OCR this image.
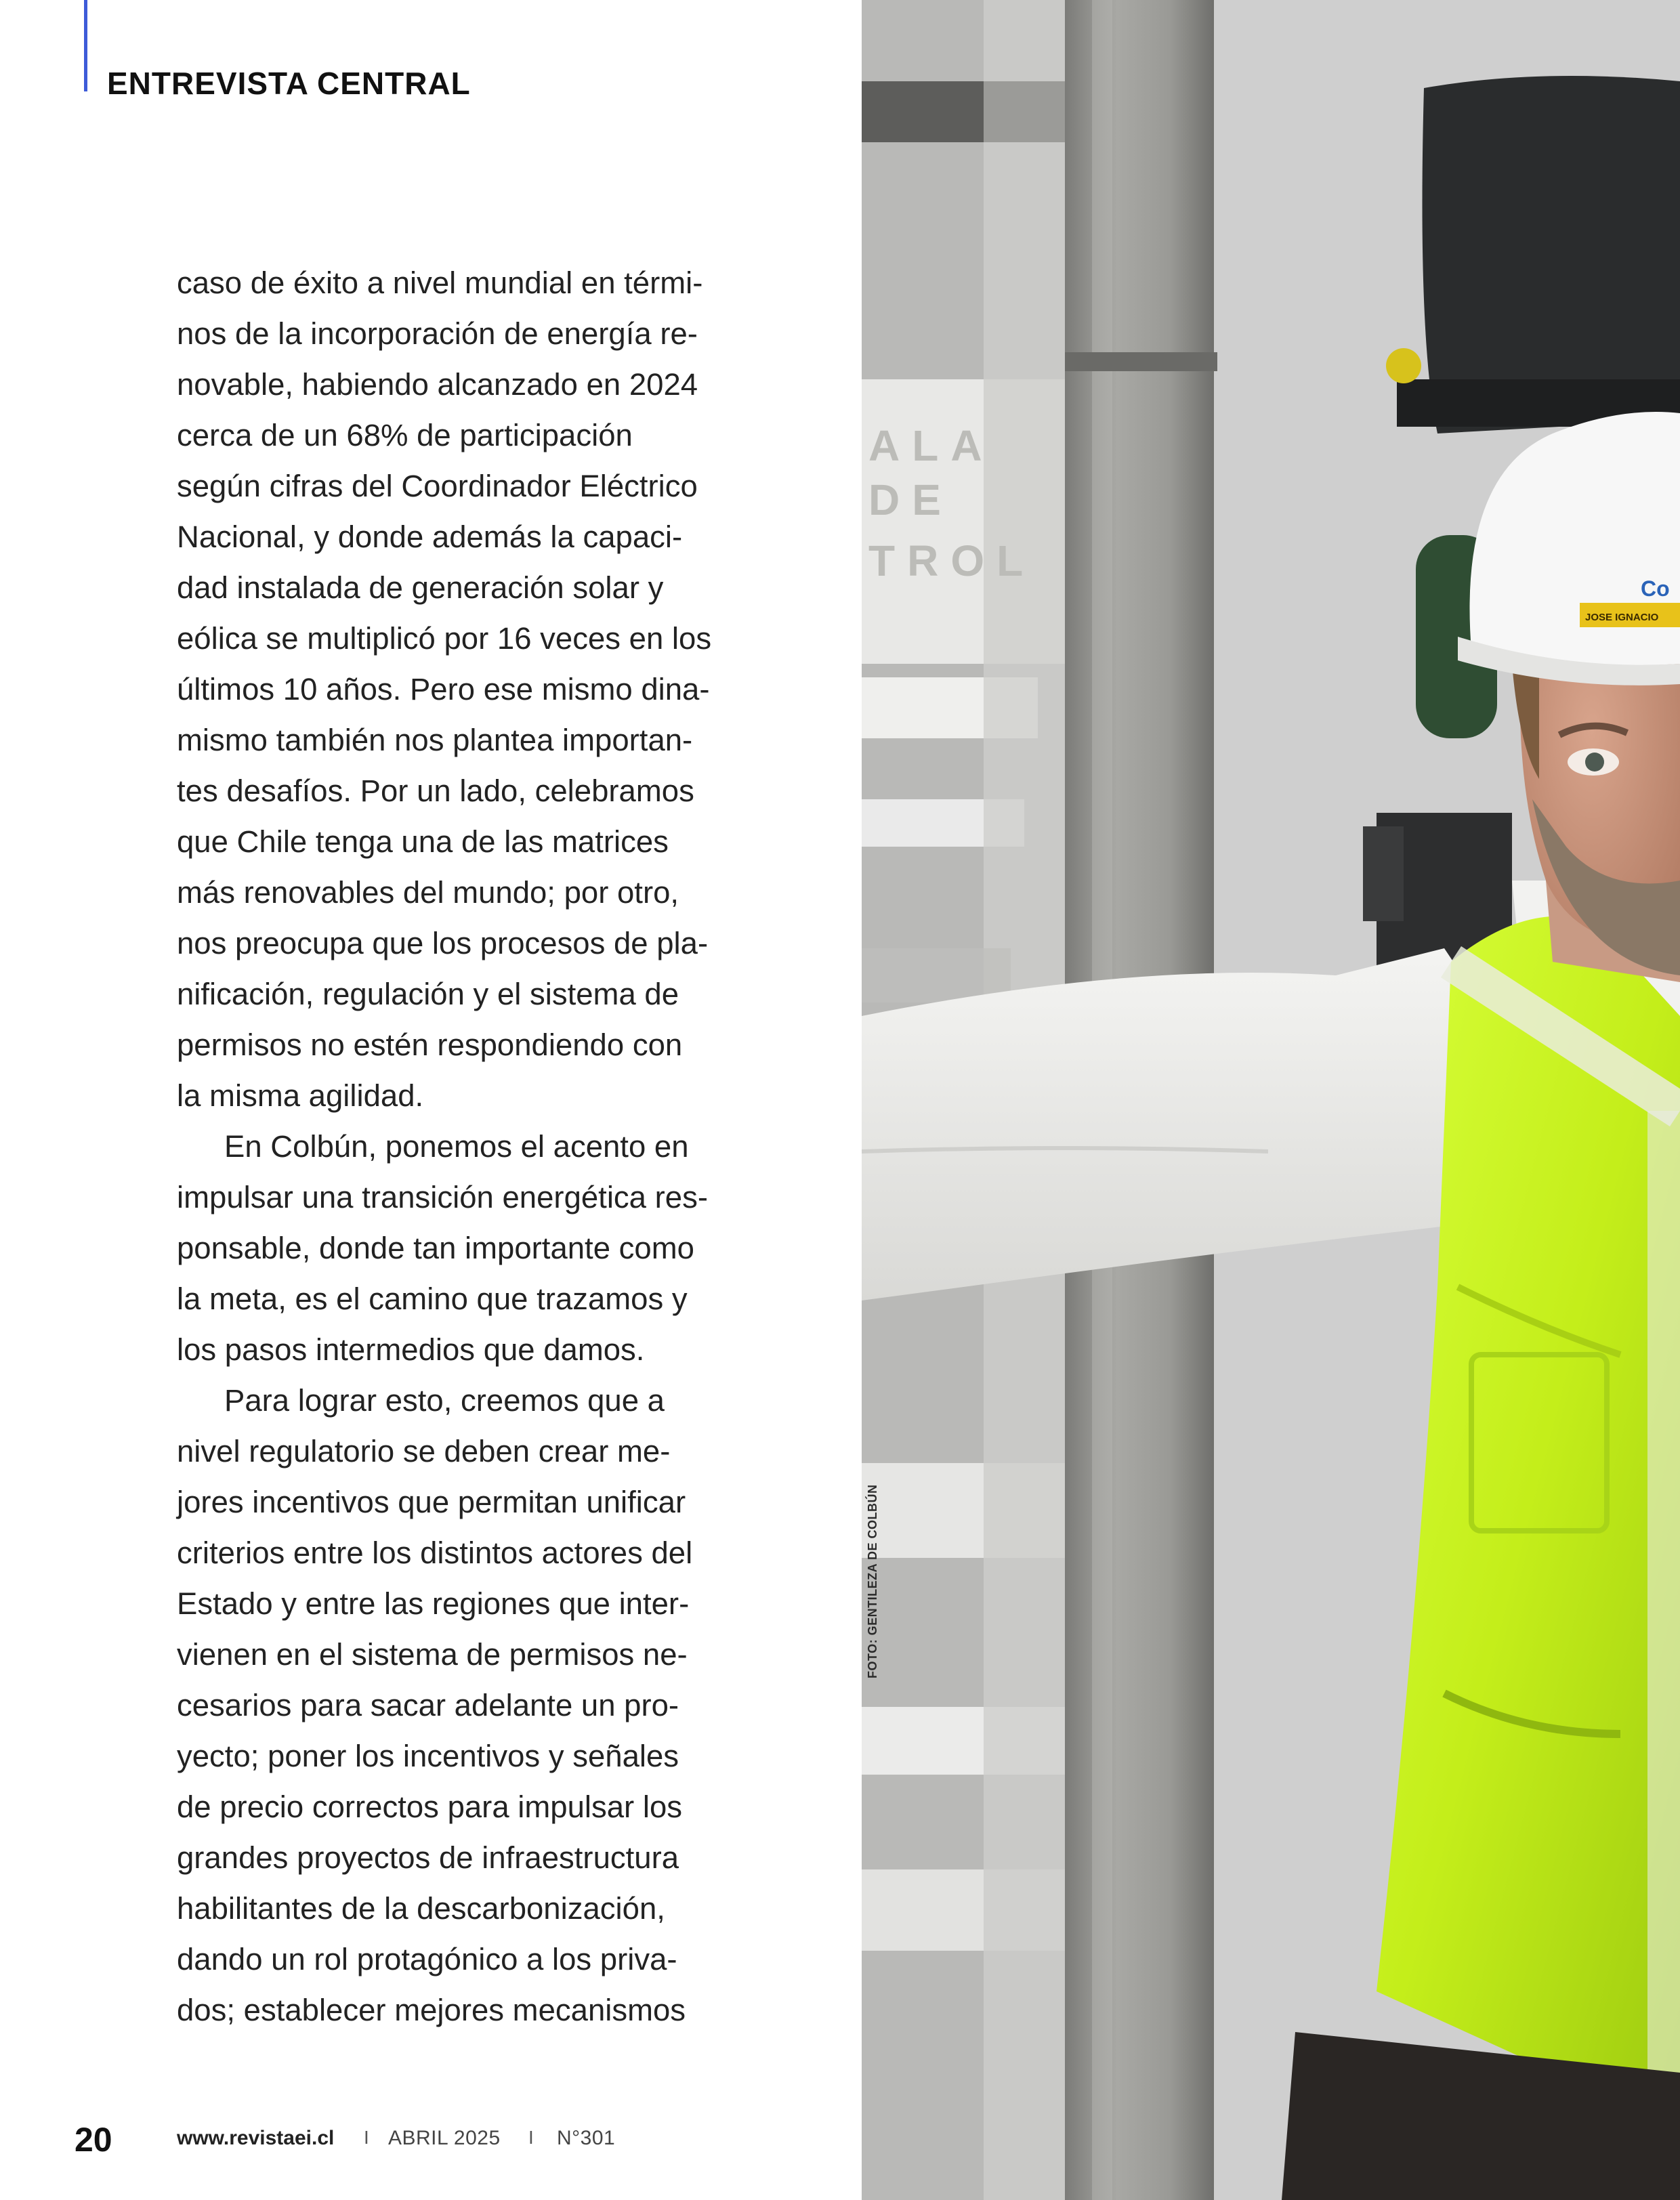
ENTREVISTA CENTRAL
caso de éxito a nivel mundial en térmi-
nos de la incorporación de energía re-
novable, habiendo alcanzado en 2024
cerca de un 68% de participación
según cifras del Coordinador Eléctrico
Nacional, y donde además la capaci-
dad instalada de generación solar y
eólica se multiplicó por 16 veces en los
últimos 10 años. Pero ese mismo dina-
mismo también nos plantea importan-
tes desafíos. Por un lado, celebramos
que Chile tenga una de las matrices
más renovables del mundo; por otro,
nos preocupa que los procesos de pla-
nificación, regulación y el sistema de
permisos no estén respondiendo con
la misma agilidad.
En Colbún, ponemos el acento en
impulsar una transición energética res-
ponsable, donde tan importante como
la meta, es el camino que trazamos y
los pasos intermedios que damos.
Para lograr esto, creemos que a
nivel regulatorio se deben crear me-
jores incentivos que permitan unificar
criterios entre los distintos actores del
Estado y entre las regiones que inter-
vienen en el sistema de permisos ne-
cesarios para sacar adelante un pro-
yecto; poner los incentivos y señales
de precio correctos para impulsar los
grandes proyectos de infraestructura
habilitantes de la descarbonización,
dando un rol protagónico a los priva-
dos; establecer mejores mecanismos
20	www.revistaei.cl I ABRIL 2025 I N°301
ALA
DE
TROL
JOSE IGNACIO
Co
FOTO: GENTILEZA DE COLBÚN
